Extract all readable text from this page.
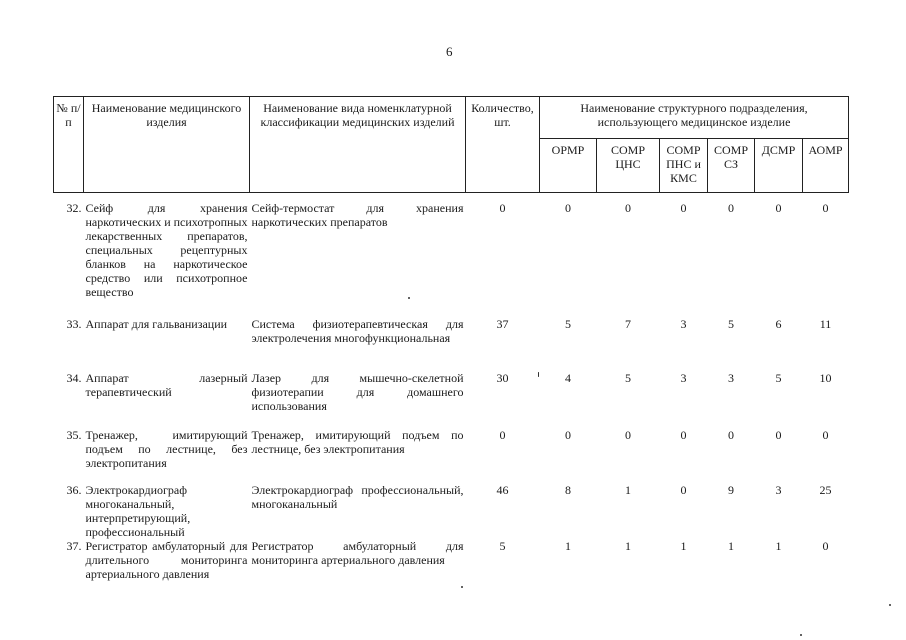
6
№ п/п	Наименование медицинского изделия	Наименование вида номенклатурной классификации медицинских изделий	Количество, шт.	Наименование структурного подразделения, использующего медицинское изделие					
				ОРМР	СОМР ЦНС	СОМР ПНС и КМС	СОМР СЗ	ДСМР	АОМР

32.	Сейф для хранения наркотических и психотропных лекарственных препаратов, специальных рецептурных бланков на наркотическое средство или психотропное вещество	Сейф-термостат для хранения наркотических препаратов	0	0	0	0	0	0	0
33.	Аппарат для гальванизации	Система физиотерапевтическая для электролечения многофункциональная	37	5	7	3	5	6	11
34.	Аппарат лазерный терапевтический	Лазер для мышечно-скелетной физиотерапии для домашнего использования	30	4	5	3	3	5	10
35.	Тренажер, имитирующий подъем по лестнице, без электропитания	Тренажер, имитирующий подъем по лестнице, без электропитания	0	0	0	0	0	0	0
36.	Электрокардиограф многоканальный, интерпретирующий, профессиональный	Электрокардиограф профессиональный, многоканальный	46	8	1	0	9	3	25
37.	Регистратор амбулаторный для длительного мониторинга артериального давления	Регистратор амбулаторный для мониторинга артериального давления	5	1	1	1	1	1	0
